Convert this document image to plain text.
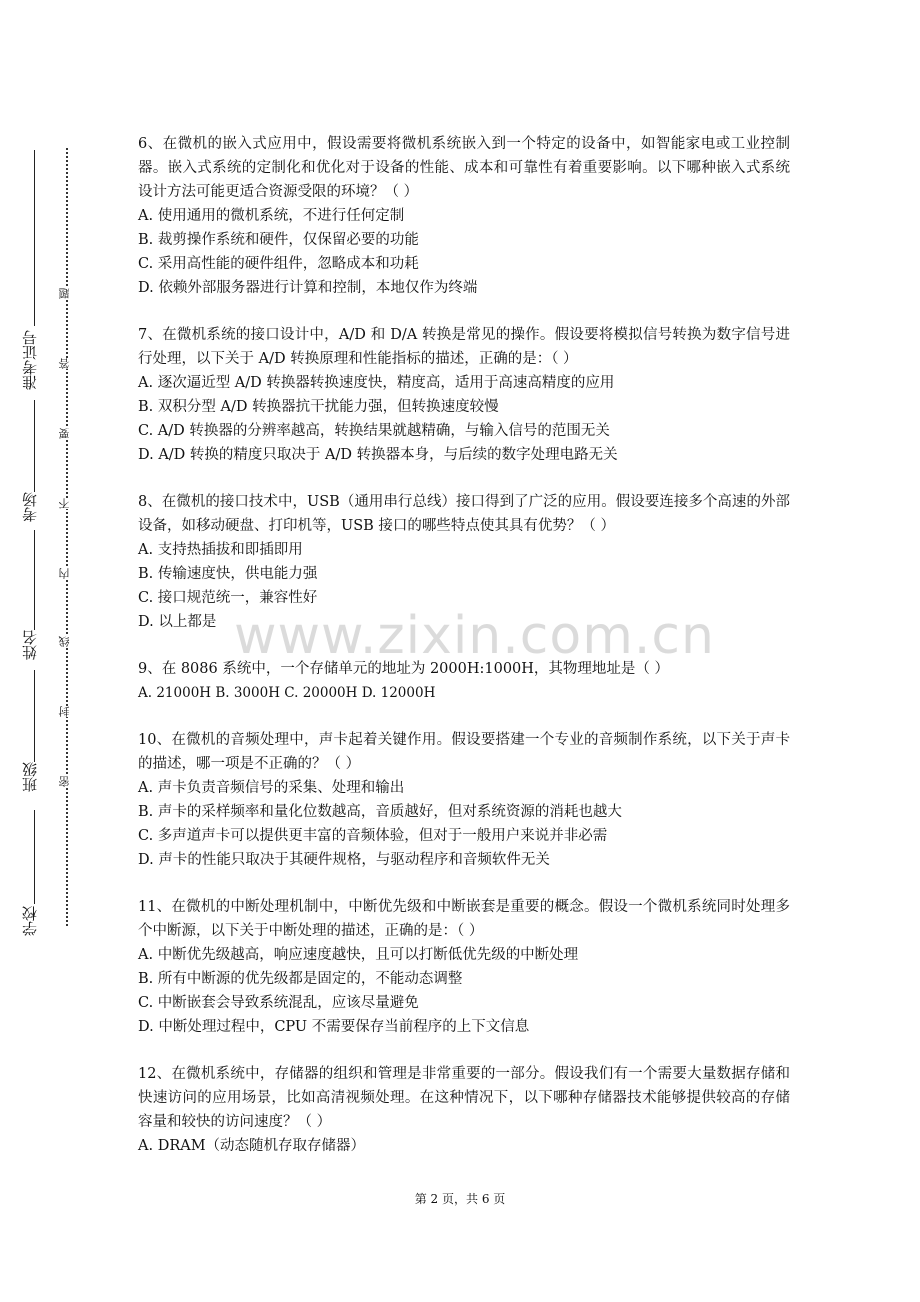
准考证号
考场
姓名
班级
学校
题
答
要
不
内
线
封
密

6、在微机的嵌入式应用中，假设需要将微机系统嵌入到一个特定的设备中，如智能家电或工业控制器。嵌入式系统的定制化和优化对于设备的性能、成本和可靠性有着重要影响。以下哪种嵌入式系统设计方法可能更适合资源受限的环境？（ ）

A. 使用通用的微机系统，不进行任何定制

B. 裁剪操作系统和硬件，仅保留必要的功能

C. 采用高性能的硬件组件，忽略成本和功耗

D. 依赖外部服务器进行计算和控制，本地仅作为终端

7、在微机系统的接口设计中，A/D 和 D/A 转换是常见的操作。假设要将模拟信号转换为数字信号进行处理，以下关于 A/D 转换原理和性能指标的描述，正确的是：（ ）

A. 逐次逼近型 A/D 转换器转换速度快，精度高，适用于高速高精度的应用

B. 双积分型 A/D 转换器抗干扰能力强，但转换速度较慢

C. A/D 转换器的分辨率越高，转换结果就越精确，与输入信号的范围无关

D. A/D 转换的精度只取决于 A/D 转换器本身，与后续的数字处理电路无关

8、在微机的接口技术中，USB（通用串行总线）接口得到了广泛的应用。假设要连接多个高速的外部设备，如移动硬盘、打印机等，USB 接口的哪些特点使其具有优势？（ ）

A. 支持热插拔和即插即用

B. 传输速度快，供电能力强

C. 接口规范统一，兼容性好

D. 以上都是

9、在 8086 系统中，一个存储单元的地址为 2000H:1000H，其物理地址是（ ）

A. 21000H B. 3000H C. 20000H D. 12000H

10、在微机的音频处理中，声卡起着关键作用。假设要搭建一个专业的音频制作系统，以下关于声卡的描述，哪一项是不正确的？（ ）

A. 声卡负责音频信号的采集、处理和输出

B. 声卡的采样频率和量化位数越高，音质越好，但对系统资源的消耗也越大

C. 多声道声卡可以提供更丰富的音频体验，但对于一般用户来说并非必需

D. 声卡的性能只取决于其硬件规格，与驱动程序和音频软件无关

11、在微机的中断处理机制中，中断优先级和中断嵌套是重要的概念。假设一个微机系统同时处理多个中断源，以下关于中断处理的描述，正确的是：（ ）

A. 中断优先级越高，响应速度越快，且可以打断低优先级的中断处理

B. 所有中断源的优先级都是固定的，不能动态调整

C. 中断嵌套会导致系统混乱，应该尽量避免

D. 中断处理过程中，CPU 不需要保存当前程序的上下文信息

12、在微机系统中，存储器的组织和管理是非常重要的一部分。假设我们有一个需要大量数据存储和快速访问的应用场景，比如高清视频处理。在这种情况下，以下哪种存储器技术能够提供较高的存储容量和较快的访问速度？（ ）

A. DRAM（动态随机存取存储器）

www.zixin.com.cn
第 2 页，共 6 页
